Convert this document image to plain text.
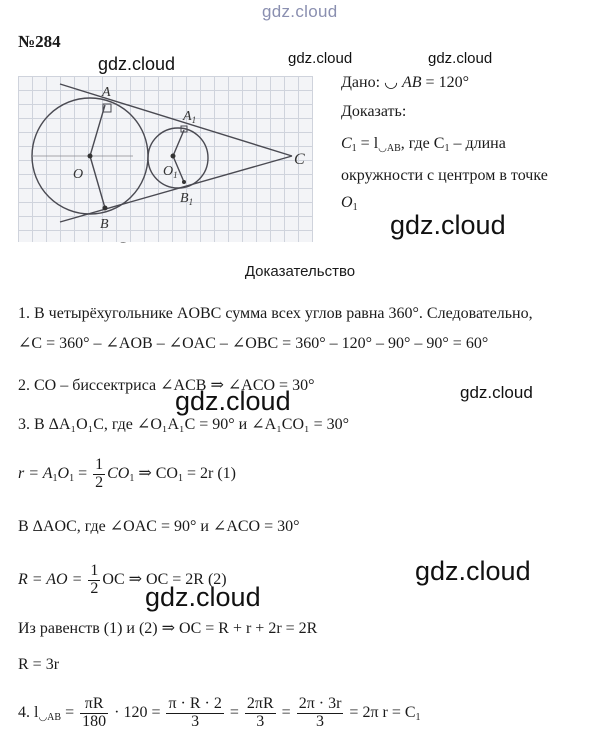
gdz.cloud
gdz.cloud	gdz.cloud	gdz.cloud
gdz.cloud
gdz.cloud
gdz.cloud
gdz.cloud
gdz.cloud
№284
A
$A_1$
O	$O_1$
B
$B_1$
C
Дано: ◡ AB = 120°
Доказать:
$C_1 = l_{◡AB}$, где $C_1$ – длина
окружности с центром в точке
$O_1$
Доказательство
1. В четырёхугольнике AOBC сумма всех углов равна 360°. Следовательно,
∠C = 360° – ∠AOB – ∠OAC – ∠OBC = 360° – 120° – 90° – 90° = 60°
2. CO – биссектриса ∠ACB ⇒ ∠ACO = 30°
3. В ΔA₁O₁C, где ∠O₁A₁C = 90° и ∠A₁CO₁ = 30°
$r = A_1O_1 = \frac{1}{2} CO_1$ ⇒ $CO_1 = 2r$ (1)
В ΔAOC, где ∠OAC = 90° и ∠ACO = 30°
R = AO = $\frac{1}{2}$ OC ⇒ OC = 2R (2)
Из равенств (1) и (2) ⇒ OC = R + r + 2r = 2R
R = 3r
4. $l_{◡AB} = \frac{\pi R}{180} \cdot 120 = \frac{\pi \cdot R \cdot 2}{3} = \frac{2\pi R}{3} = \frac{2\pi \cdot 3r}{3} = 2\pi$ $r = C_1$
